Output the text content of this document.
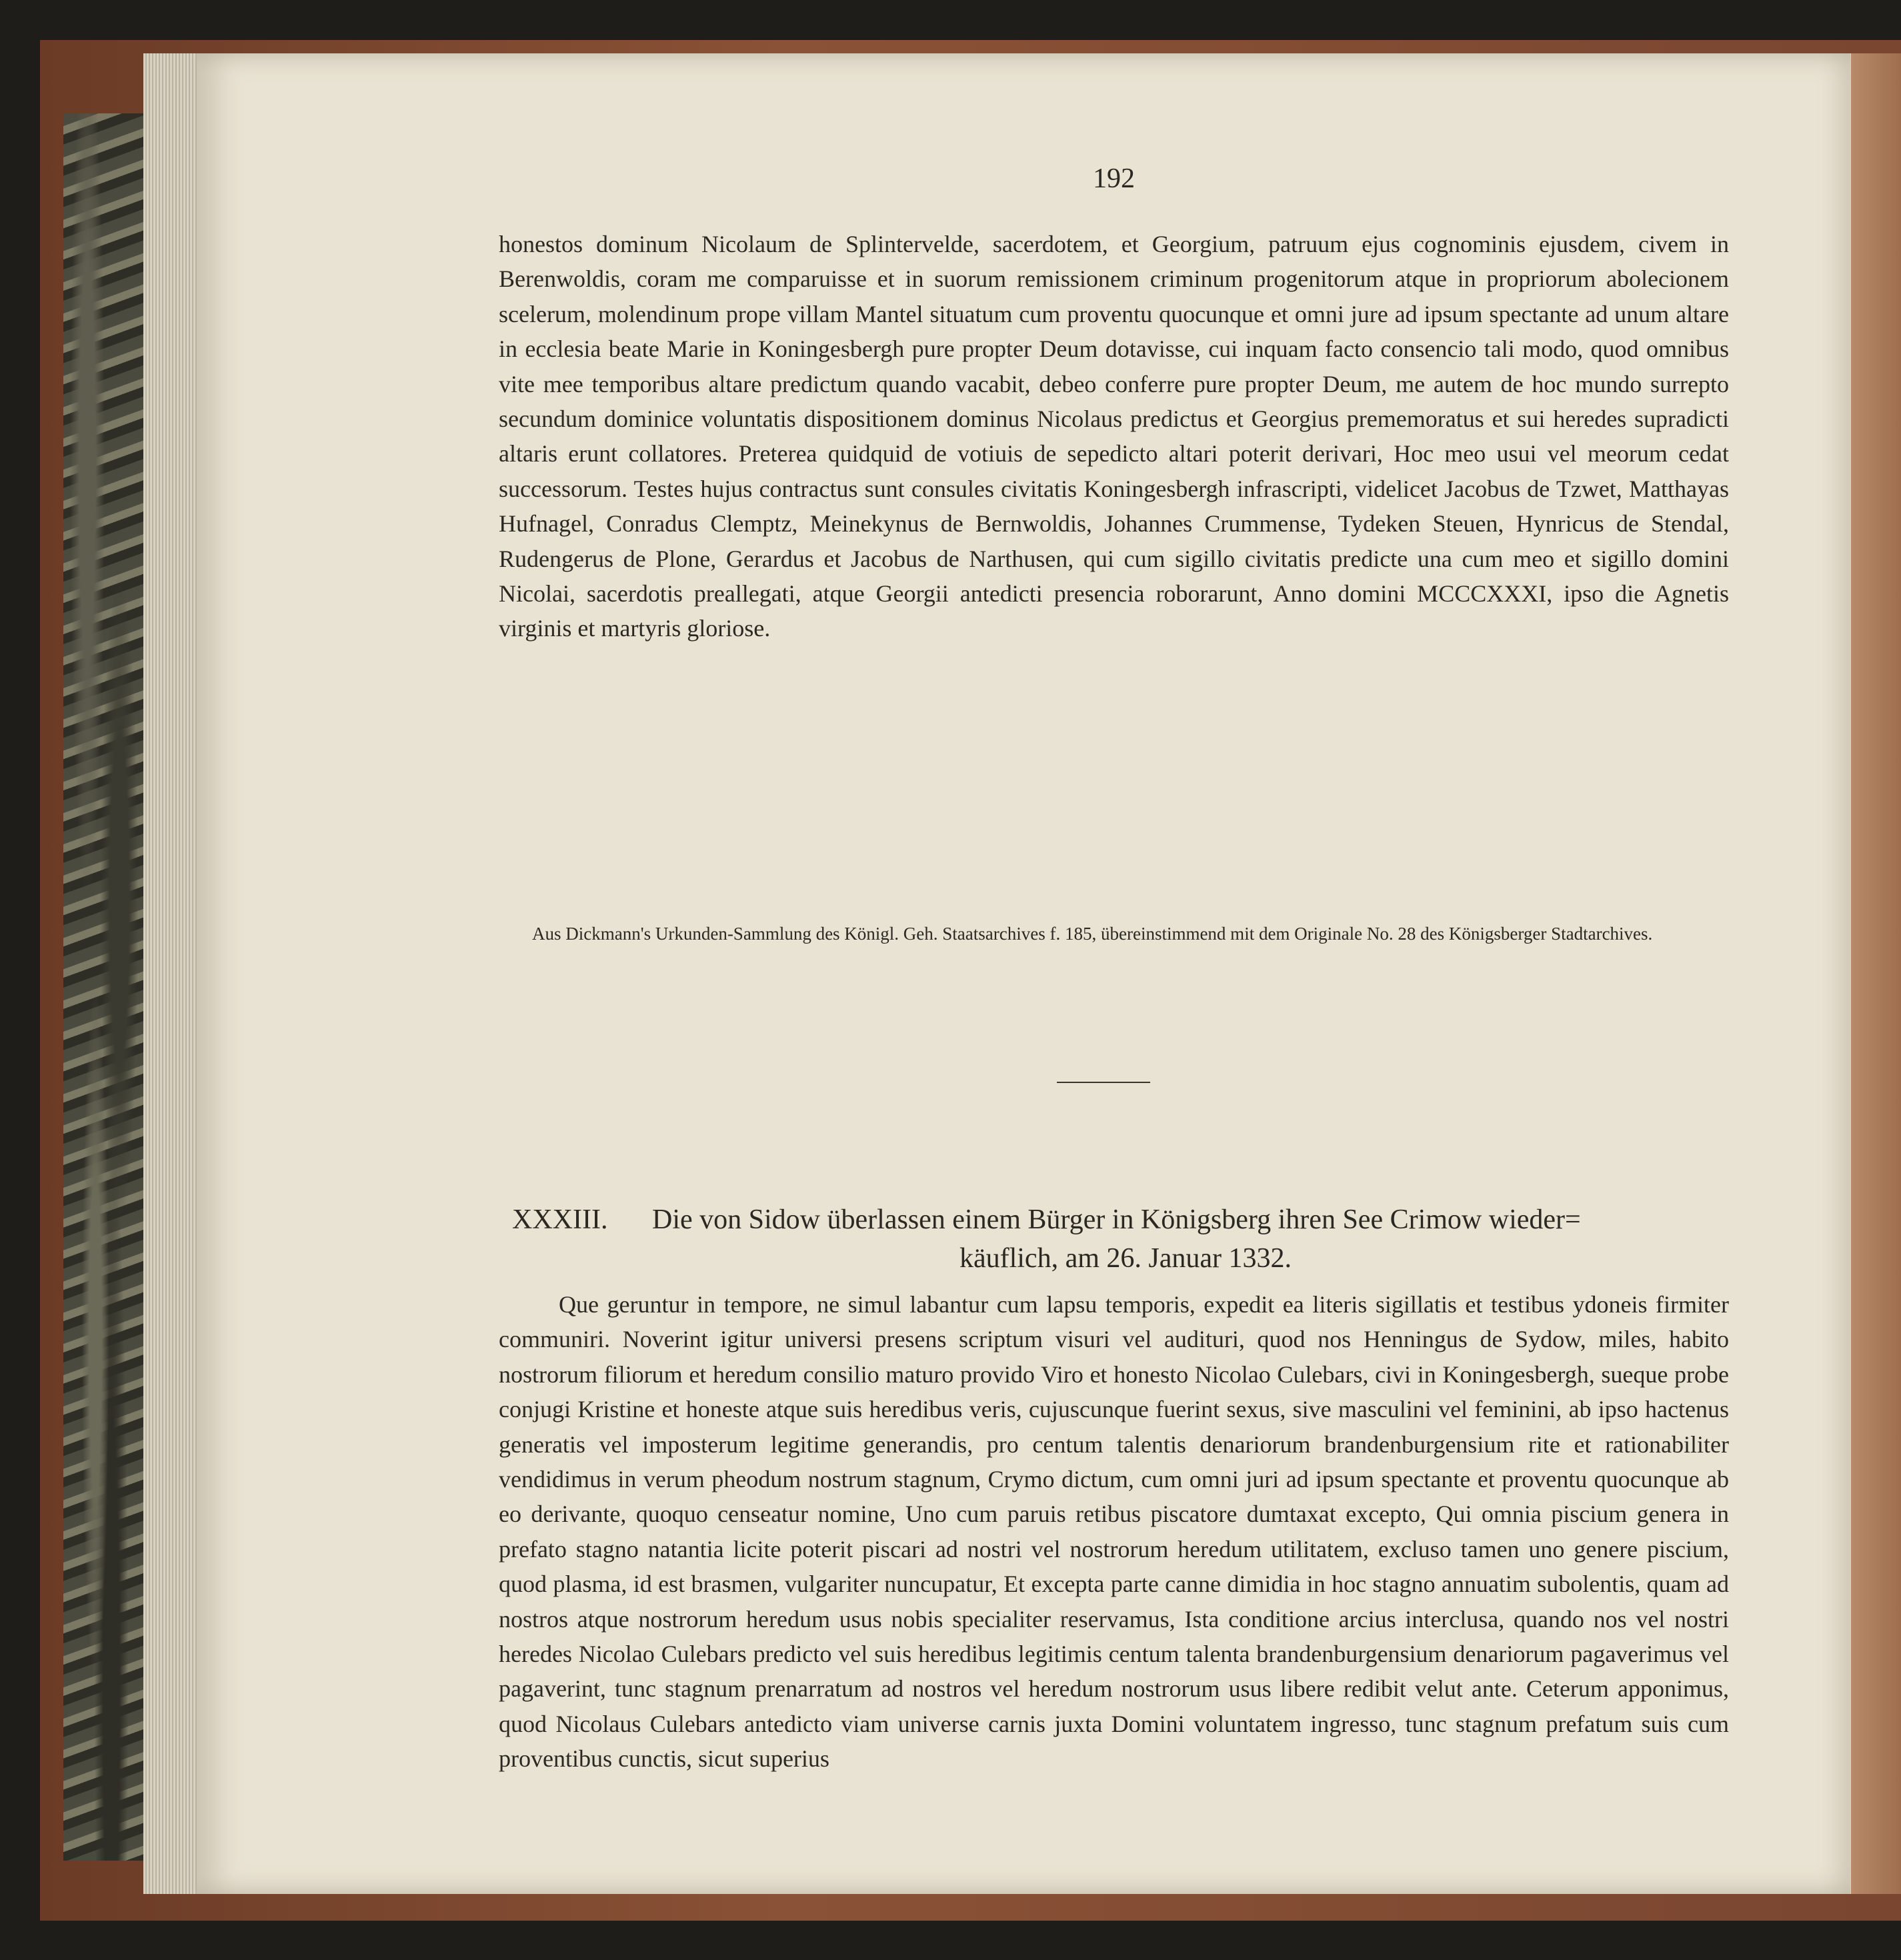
192

honestos dominum Nicolaum de Splintervelde, sacerdotem, et Georgium, patruum ejus cognominis ejusdem, civem in Berenwoldis, coram me comparuisse et in suorum remissionem criminum progenitorum atque in propriorum abolecionem scelerum, molendinum prope villam Mantel situatum cum proventu quocunque et omni jure ad ipsum spectante ad unum altare in ecclesia beate Marie in Koningesbergh pure propter Deum dotavisse, cui inquam facto consencio tali modo, quod omnibus vite mee temporibus altare predictum quando vacabit, debeo conferre pure propter Deum, me autem de hoc mundo surrepto secundum dominice voluntatis dispositionem dominus Nicolaus predictus et Georgius prememoratus et sui heredes supradicti altaris erunt collatores. Preterea quidquid de votiuis de sepedicto altari poterit derivari, Hoc meo usui vel meorum cedat successorum. Testes hujus contractus sunt consules civitatis Koningesbergh infrascripti, videlicet Jacobus de Tzwet, Matthayas Hufnagel, Conradus Clemptz, Meinekynus de Bernwoldis, Johannes Crummense, Tydeken Steuen, Hynricus de Stendal, Rudengerus de Plone, Gerardus et Jacobus de Narthusen, qui cum sigillo civitatis predicte una cum meo et sigillo domini Nicolai, sacerdotis preallegati, atque Georgii antedicti presencia roborarunt, Anno domini MCCCXXXI, ipso die Agnetis virginis et martyris gloriose.

Aus Dickmann's Urkunden-Sammlung des Königl. Geh. Staatsarchives f. 185, übereinstimmend mit dem Originale No. 28 des Königsberger Stadtarchives.
XXXIII. Die von Sidow überlassen einem Bürger in Königsberg ihren See Crimow wieder=
käuflich, am 26. Januar 1332.

Que geruntur in tempore, ne simul labantur cum lapsu temporis, expedit ea literis sigillatis et testibus ydoneis firmiter communiri. Noverint igitur universi presens scriptum visuri vel audituri, quod nos Henningus de Sydow, miles, habito nostrorum filiorum et heredum consilio maturo provido Viro et honesto Nicolao Culebars, civi in Koningesbergh, sueque probe conjugi Kristine et honeste atque suis heredibus veris, cujuscunque fuerint sexus, sive masculini vel feminini, ab ipso hactenus generatis vel imposterum legitime generandis, pro centum talentis denariorum brandenburgensium rite et rationabiliter vendidimus in verum pheodum nostrum stagnum, Crymo dictum, cum omni juri ad ipsum spectante et proventu quocunque ab eo derivante, quoquo censeatur nomine, Uno cum paruis retibus piscatore dumtaxat excepto, Qui omnia piscium genera in prefato stagno natantia licite poterit piscari ad nostri vel nostrorum heredum utilitatem, excluso tamen uno genere piscium, quod plasma, id est brasmen, vulgariter nuncupatur, Et excepta parte canne dimidia in hoc stagno annuatim subolentis, quam ad nostros atque nostrorum heredum usus nobis specialiter reservamus, Ista conditione arcius interclusa, quando nos vel nostri heredes Nicolao Culebars predicto vel suis heredibus legitimis centum talenta brandenburgensium denariorum pagaverimus vel pagaverint, tunc stagnum prenarratum ad nostros vel heredum nostrorum usus libere redibit velut ante. Ceterum apponimus, quod Nicolaus Culebars antedicto viam universe carnis juxta Domini voluntatem ingresso, tunc stagnum prefatum suis cum proventibus cunctis, sicut superius
